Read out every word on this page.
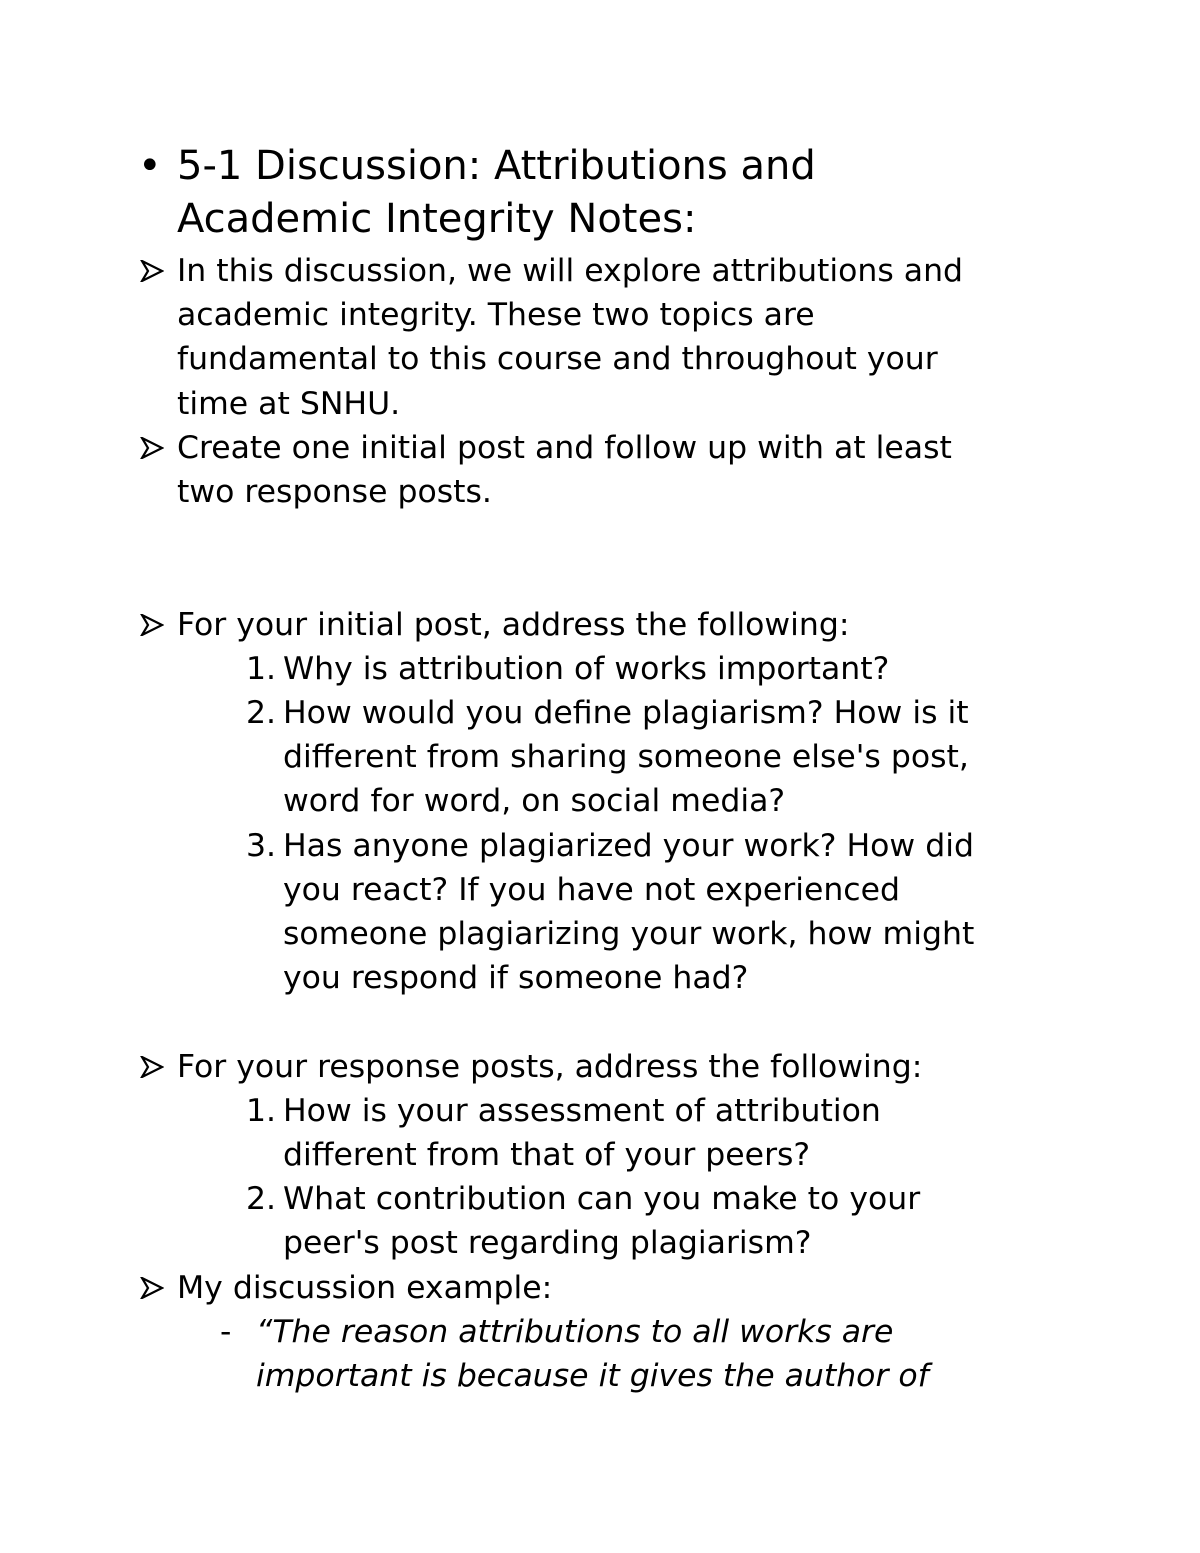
• 5-1 Discussion: Attributions and
Academic Integrity Notes:
In this discussion, we will explore attributions and
academic integrity. These two topics are
fundamental to this course and throughout your
time at SNHU.
Create one initial post and follow up with at least
two response posts.
For your initial post, address the following:
1. Why is attribution of works important?
2. How would you define plagiarism? How is it
different from sharing someone else's post,
word for word, on social media?
3. Has anyone plagiarized your work? How did
you react? If you have not experienced
someone plagiarizing your work, how might
you respond if someone had?
For your response posts, address the following:
1. How is your assessment of attribution
different from that of your peers?
2. What contribution can you make to your
peer's post regarding plagiarism?
My discussion example:
- “The reason attributions to all works are
important is because it gives the author of
